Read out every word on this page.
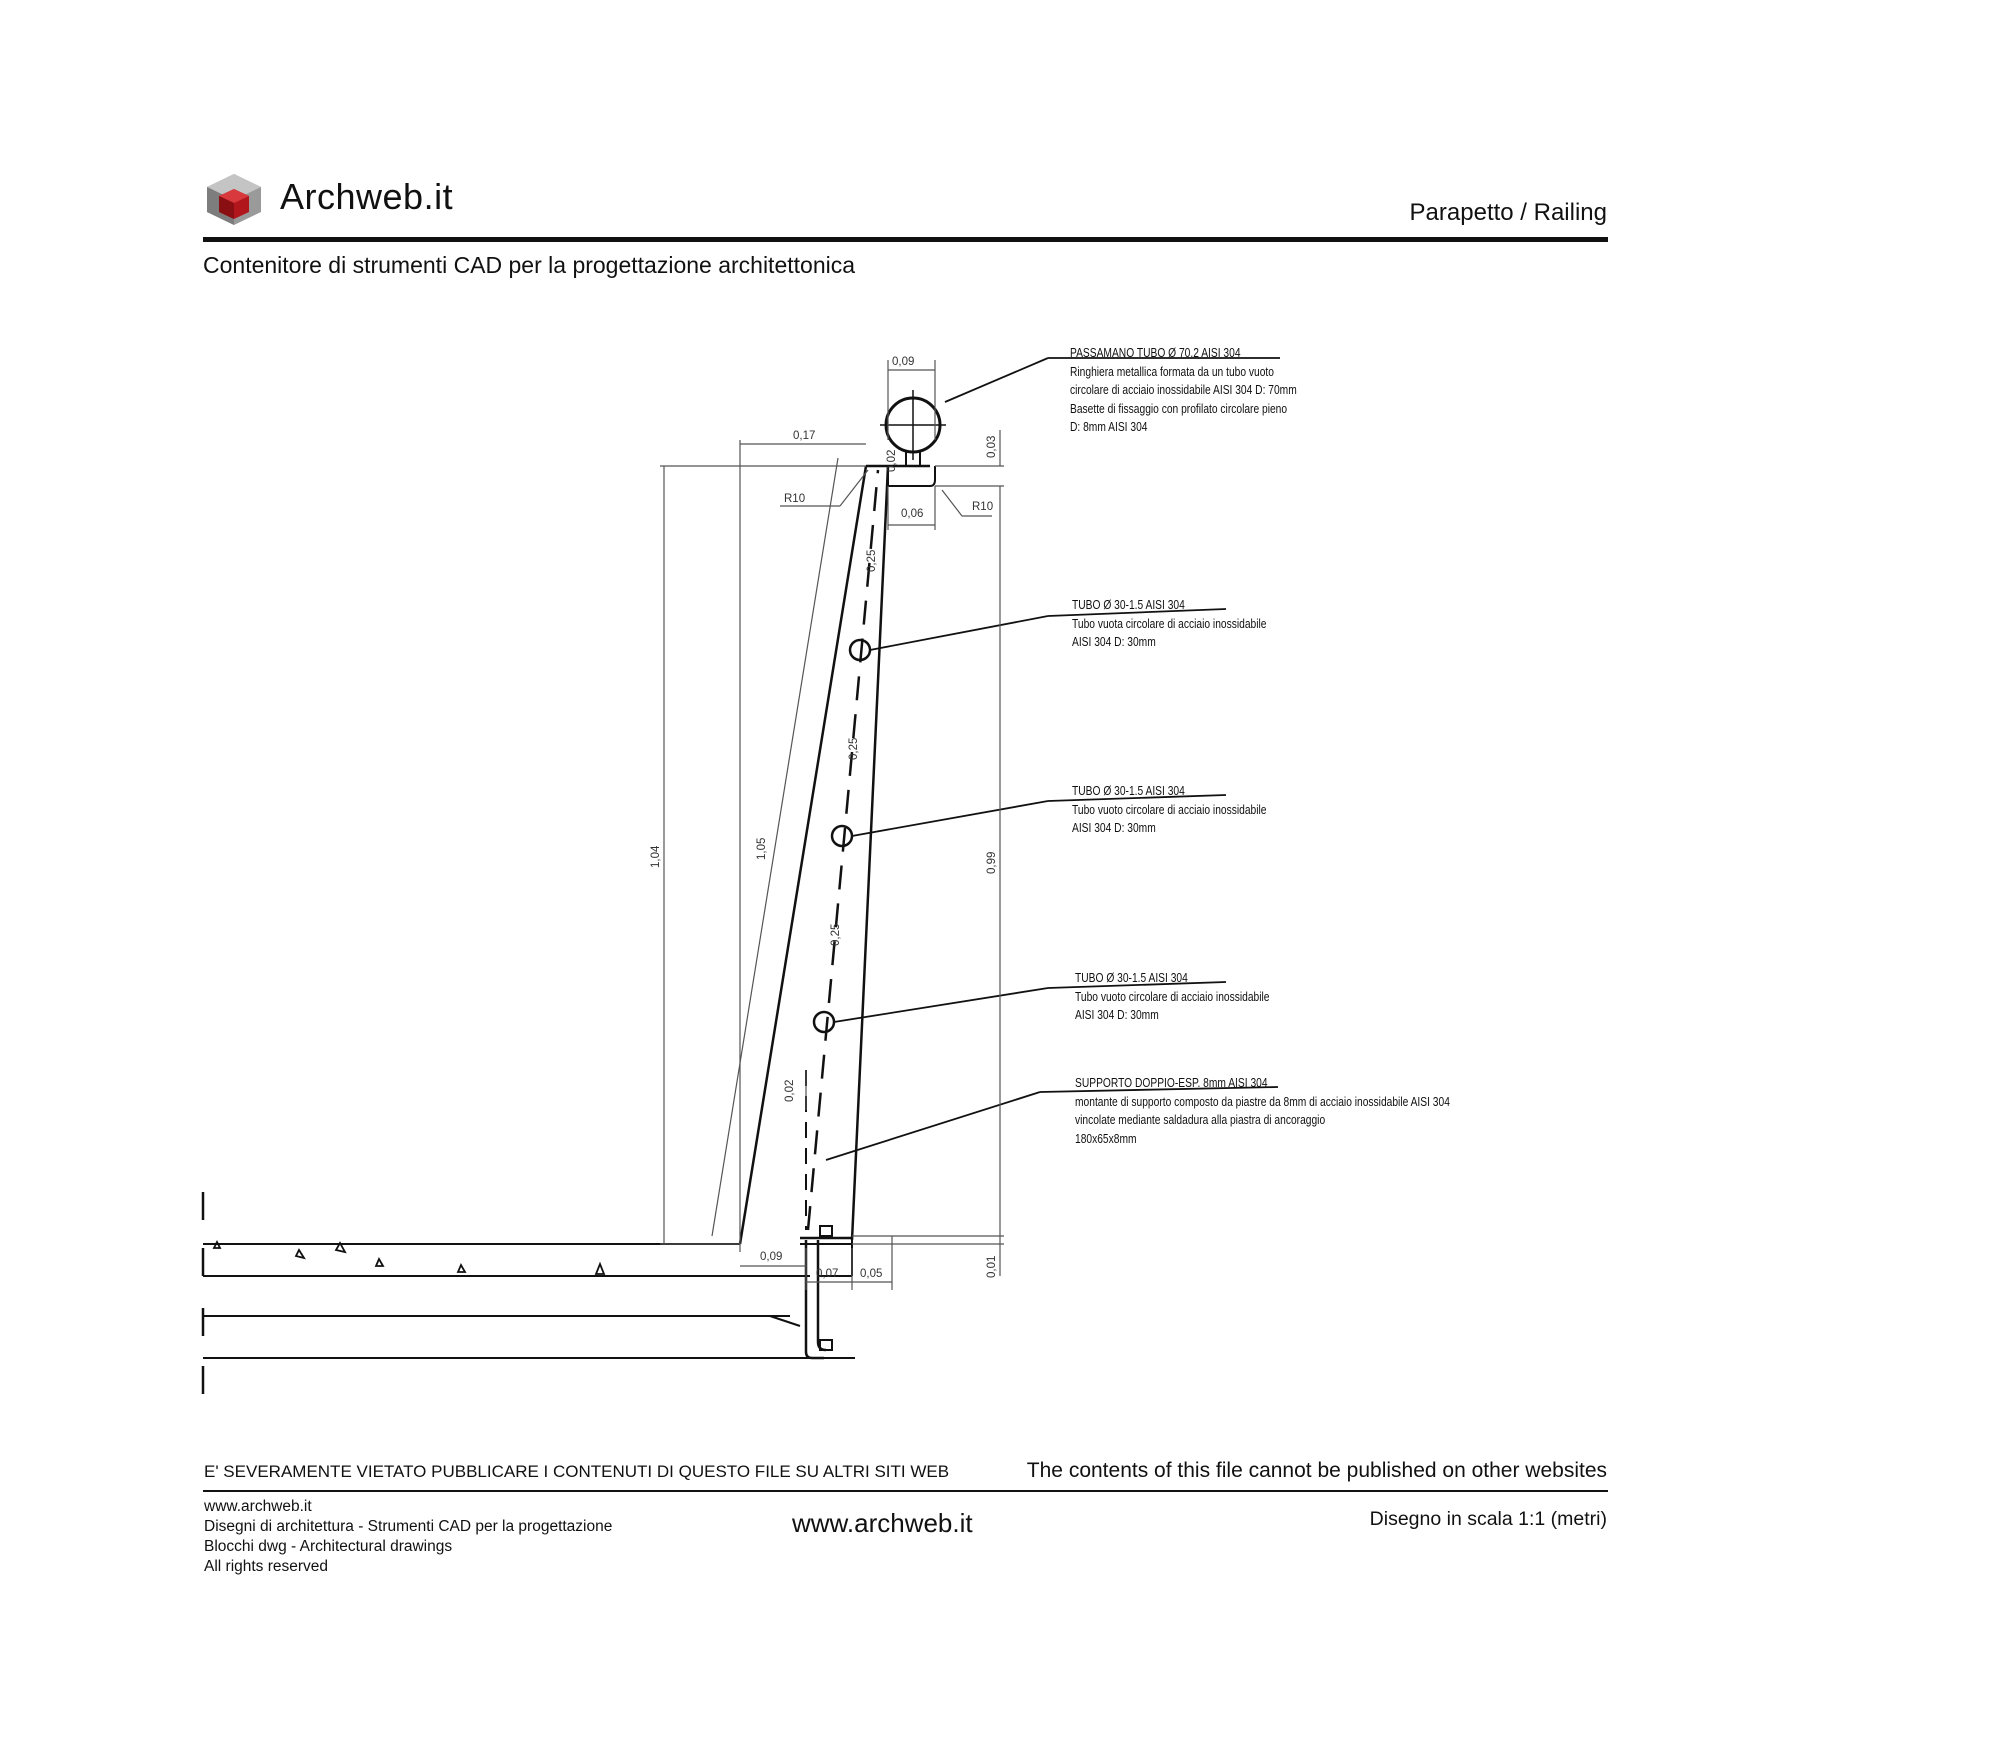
Archweb.it	Parapetto / Railing
Contenitore di strumenti CAD per la progettazione architettonica
0,09
0,17
0,02
0,03
R10
R10
0,06
0,25
0,25
0,25
1,04	1,05
0,99
0,02
0,09
0,07 0,05	0,01
PASSAMANO TUBO Ø 70.2 AISI 304
Ringhiera metallica formata da un tubo vuoto
circolare di acciaio inossidabile AISI 304 D: 70mm
Basette di fissaggio con profilato circolare pieno
D: 8mm AISI 304
TUBO Ø 30-1.5 AISI 304
Tubo vuota circolare di acciaio inossidabile
AISI 304 D: 30mm
TUBO Ø 30-1.5 AISI 304
Tubo vuoto circolare di acciaio inossidabile
AISI 304 D: 30mm
TUBO Ø 30-1.5 AISI 304
Tubo vuoto circolare di acciaio inossidabile
AISI 304 D: 30mm
SUPPORTO DOPPIO-ESP. 8mm AISI 304
montante di supporto composto da piastre da 8mm di acciaio inossidabile AISI 304
vincolate mediante saldadura alla piastra di ancoraggio
180x65x8mm
E' SEVERAMENTE VIETATO PUBBLICARE I CONTENUTI DI QUESTO FILE SU ALTRI SITI WEB	The contents of this file cannot be published on other websites
www.archweb.it
Disegni di architettura - Strumenti CAD per la progettazione
Blocchi dwg - Architectural drawings
All rights reserved
www.archweb.it	Disegno in scala 1:1 (metri)
